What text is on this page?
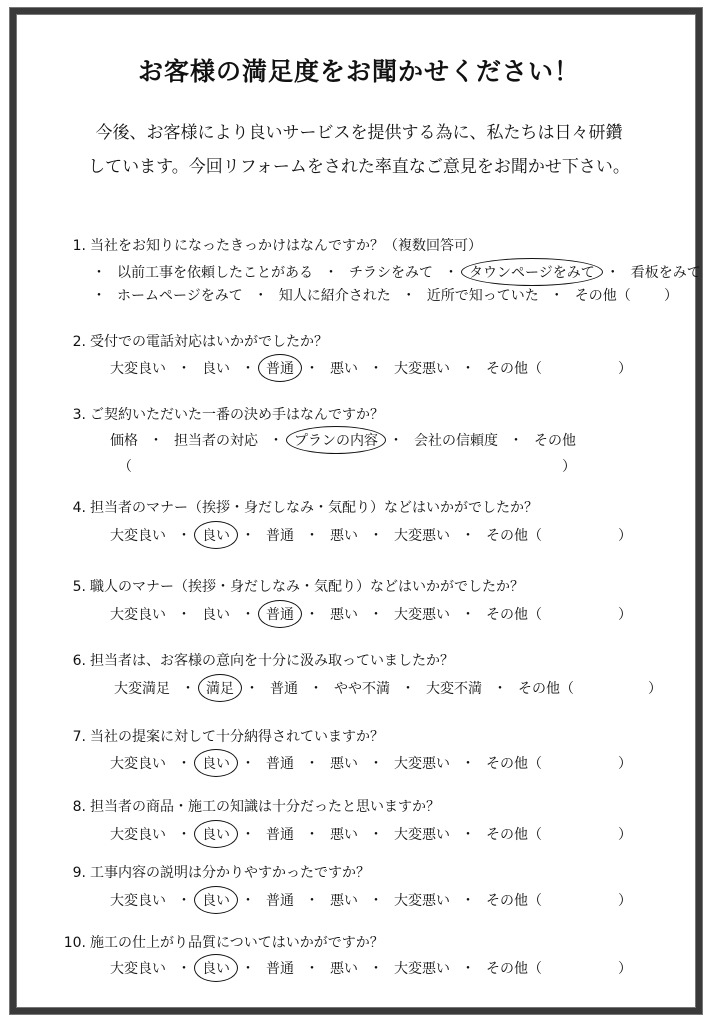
お客様の満足度をお聞かせください！
今後、お客様により良いサービスを提供する為に、私たちは日々研鑽
しています。今回リフォームをされた率直なご意見をお聞かせ下さい。
1. 当社をお知りになったきっかけはなんですか？（複数回答可）
・ 以前工事を依頼したことがある ・ チラシをみて ・ タウンページをみて ・ 看板をみて
・ ホームページをみて ・ 知人に紹介された ・ 近所で知っていた ・ その他（ ）
2. 受付での電話対応はいかがでしたか？
大変良い ・ 良い ・ 普通 ・ 悪い ・ 大変悪い ・ その他（	）
3. ご契約いただいた一番の決め手はなんですか？
価格 ・ 担当者の対応 ・ プランの内容 ・ 会社の信頼度 ・ その他
（	）
4. 担当者のマナー（挨拶・身だしなみ・気配り）などはいかがでしたか？
大変良い ・ 良い ・ 普通 ・ 悪い ・ 大変悪い ・ その他（	）
5. 職人のマナー（挨拶・身だしなみ・気配り）などはいかがでしたか？
大変良い ・ 良い ・ 普通 ・ 悪い ・ 大変悪い ・ その他（	）
6. 担当者は、お客様の意向を十分に汲み取っていましたか？
大変満足 ・ 満足 ・ 普通 ・ やや不満 ・ 大変不満 ・ その他（	）
7. 当社の提案に対して十分納得されていますか？
大変良い ・ 良い ・ 普通 ・ 悪い ・ 大変悪い ・ その他（	）
8. 担当者の商品・施工の知識は十分だったと思いますか？
大変良い ・ 良い ・ 普通 ・ 悪い ・ 大変悪い ・ その他（	）
9. 工事内容の説明は分かりやすかったですか？
大変良い ・ 良い ・ 普通 ・ 悪い ・ 大変悪い ・ その他（	）
10. 施工の仕上がり品質についてはいかがですか？
大変良い ・ 良い ・ 普通 ・ 悪い ・ 大変悪い ・ その他（	）
